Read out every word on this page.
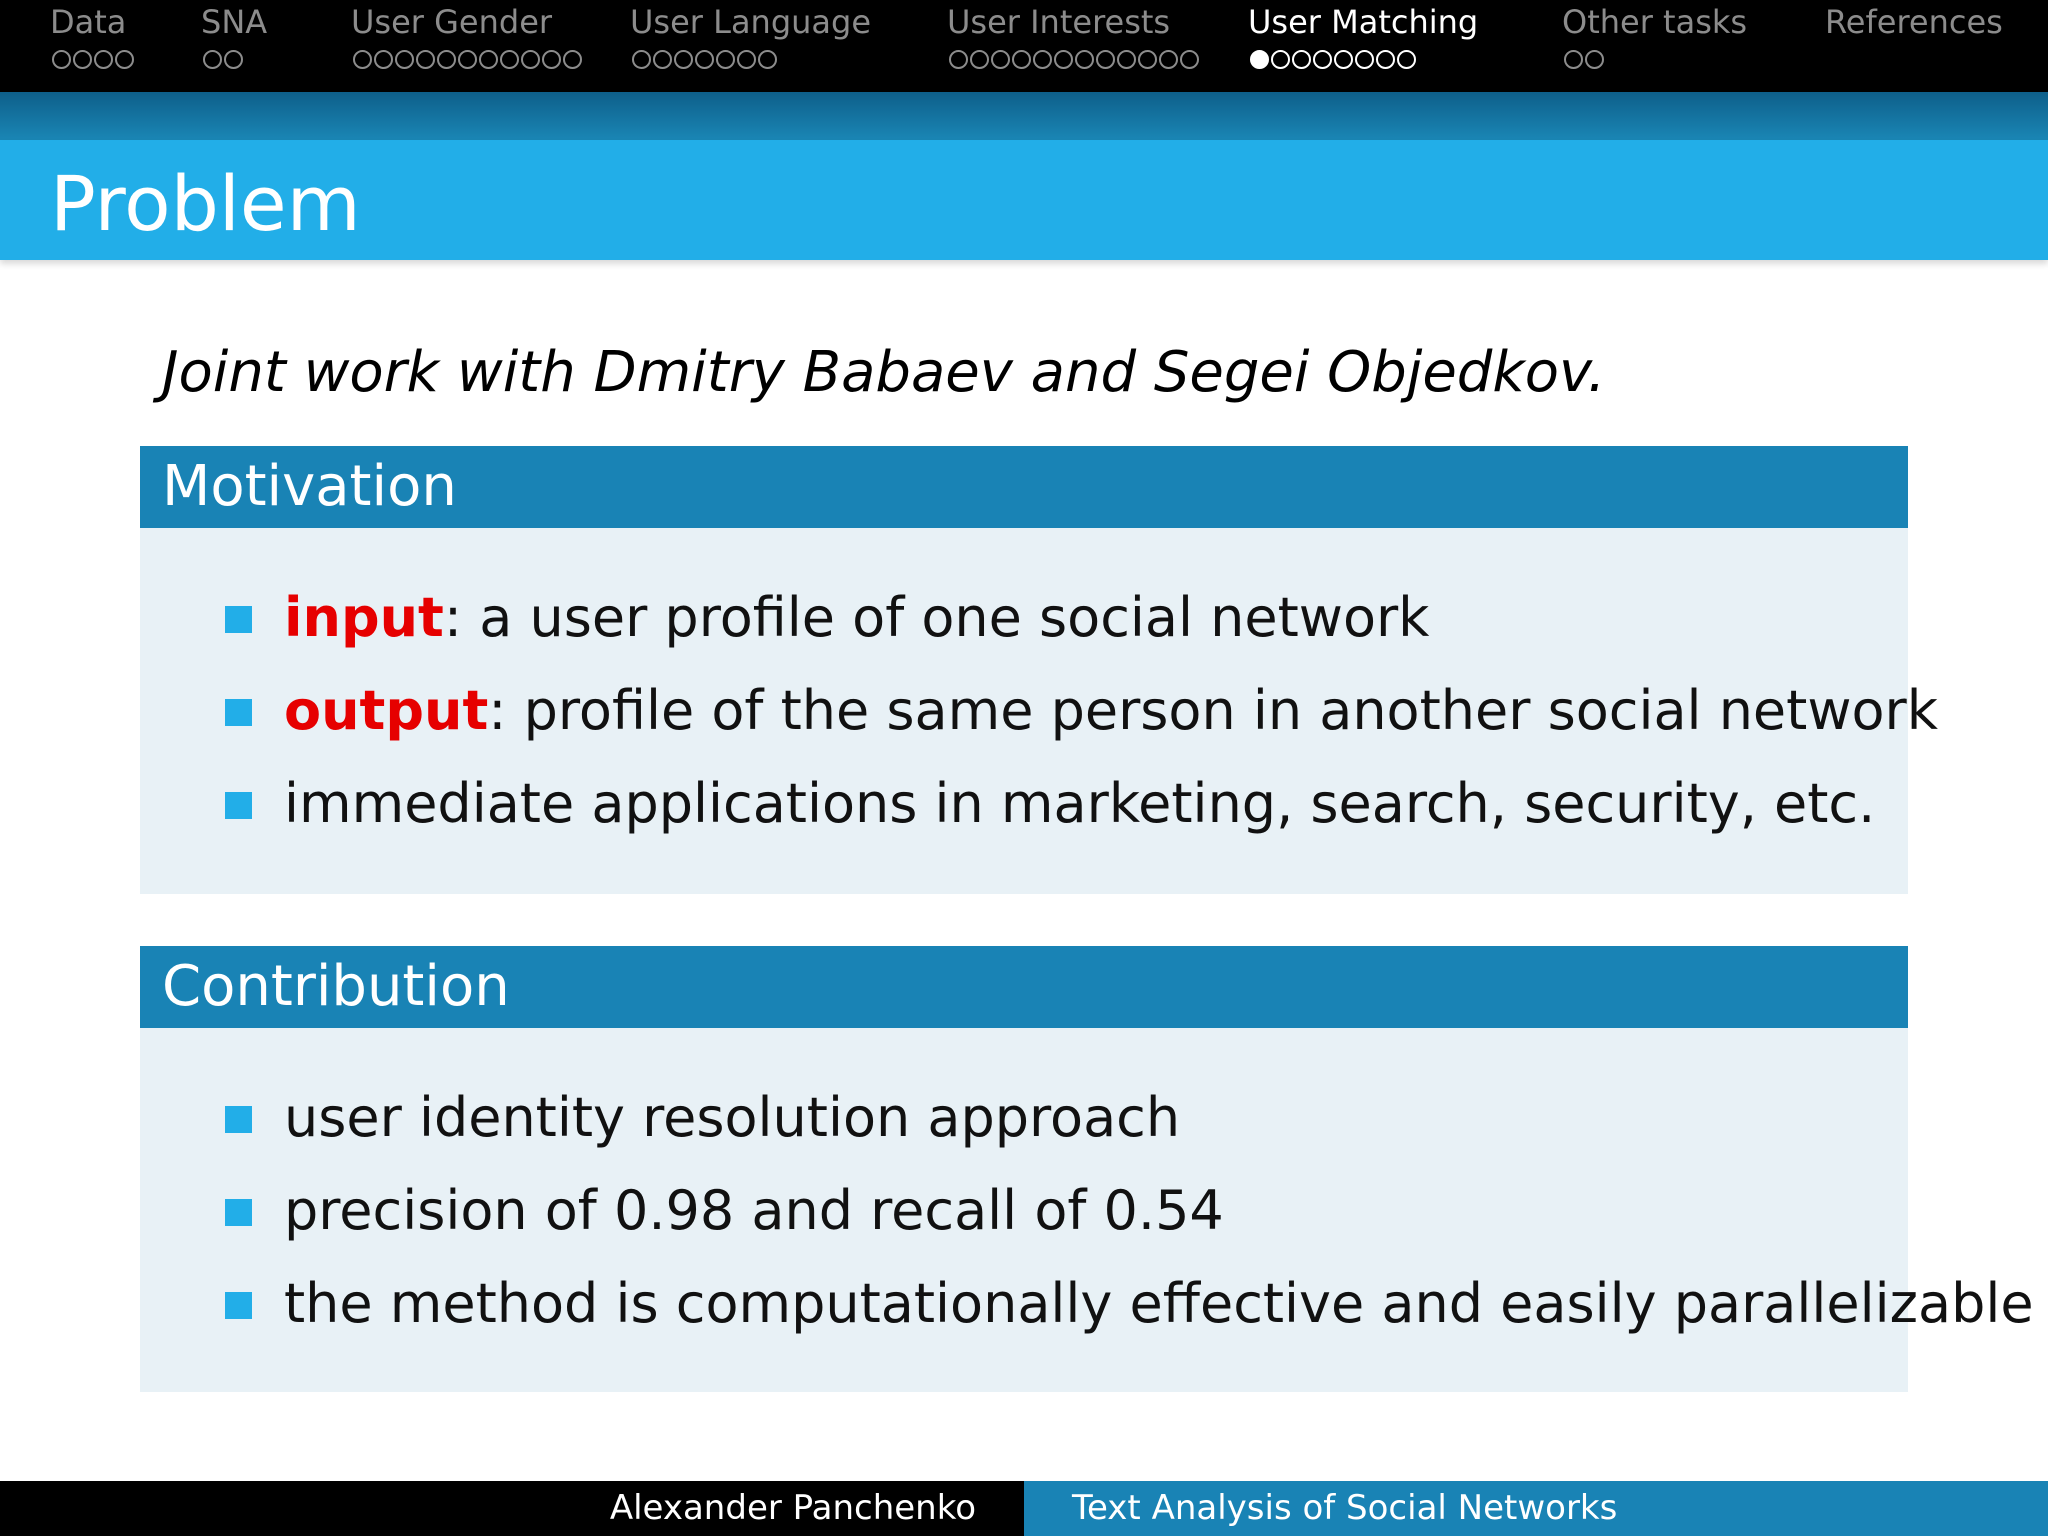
Data SNA	User Gender User Language User Interests User Matching	Other tasks References
Problem
Joint work with Dmitry Babaev and Segei Objedkov.
Motivation
input: a user profile of one social network
output: profile of the same person in another social network
immediate applications in marketing, search, security, etc.
Contribution
user identity resolution approach
precision of 0.98 and recall of 0.54
the method is computationally effective and easily parallelizable
Alexander Panchenko	Text Analysis of Social Networks
